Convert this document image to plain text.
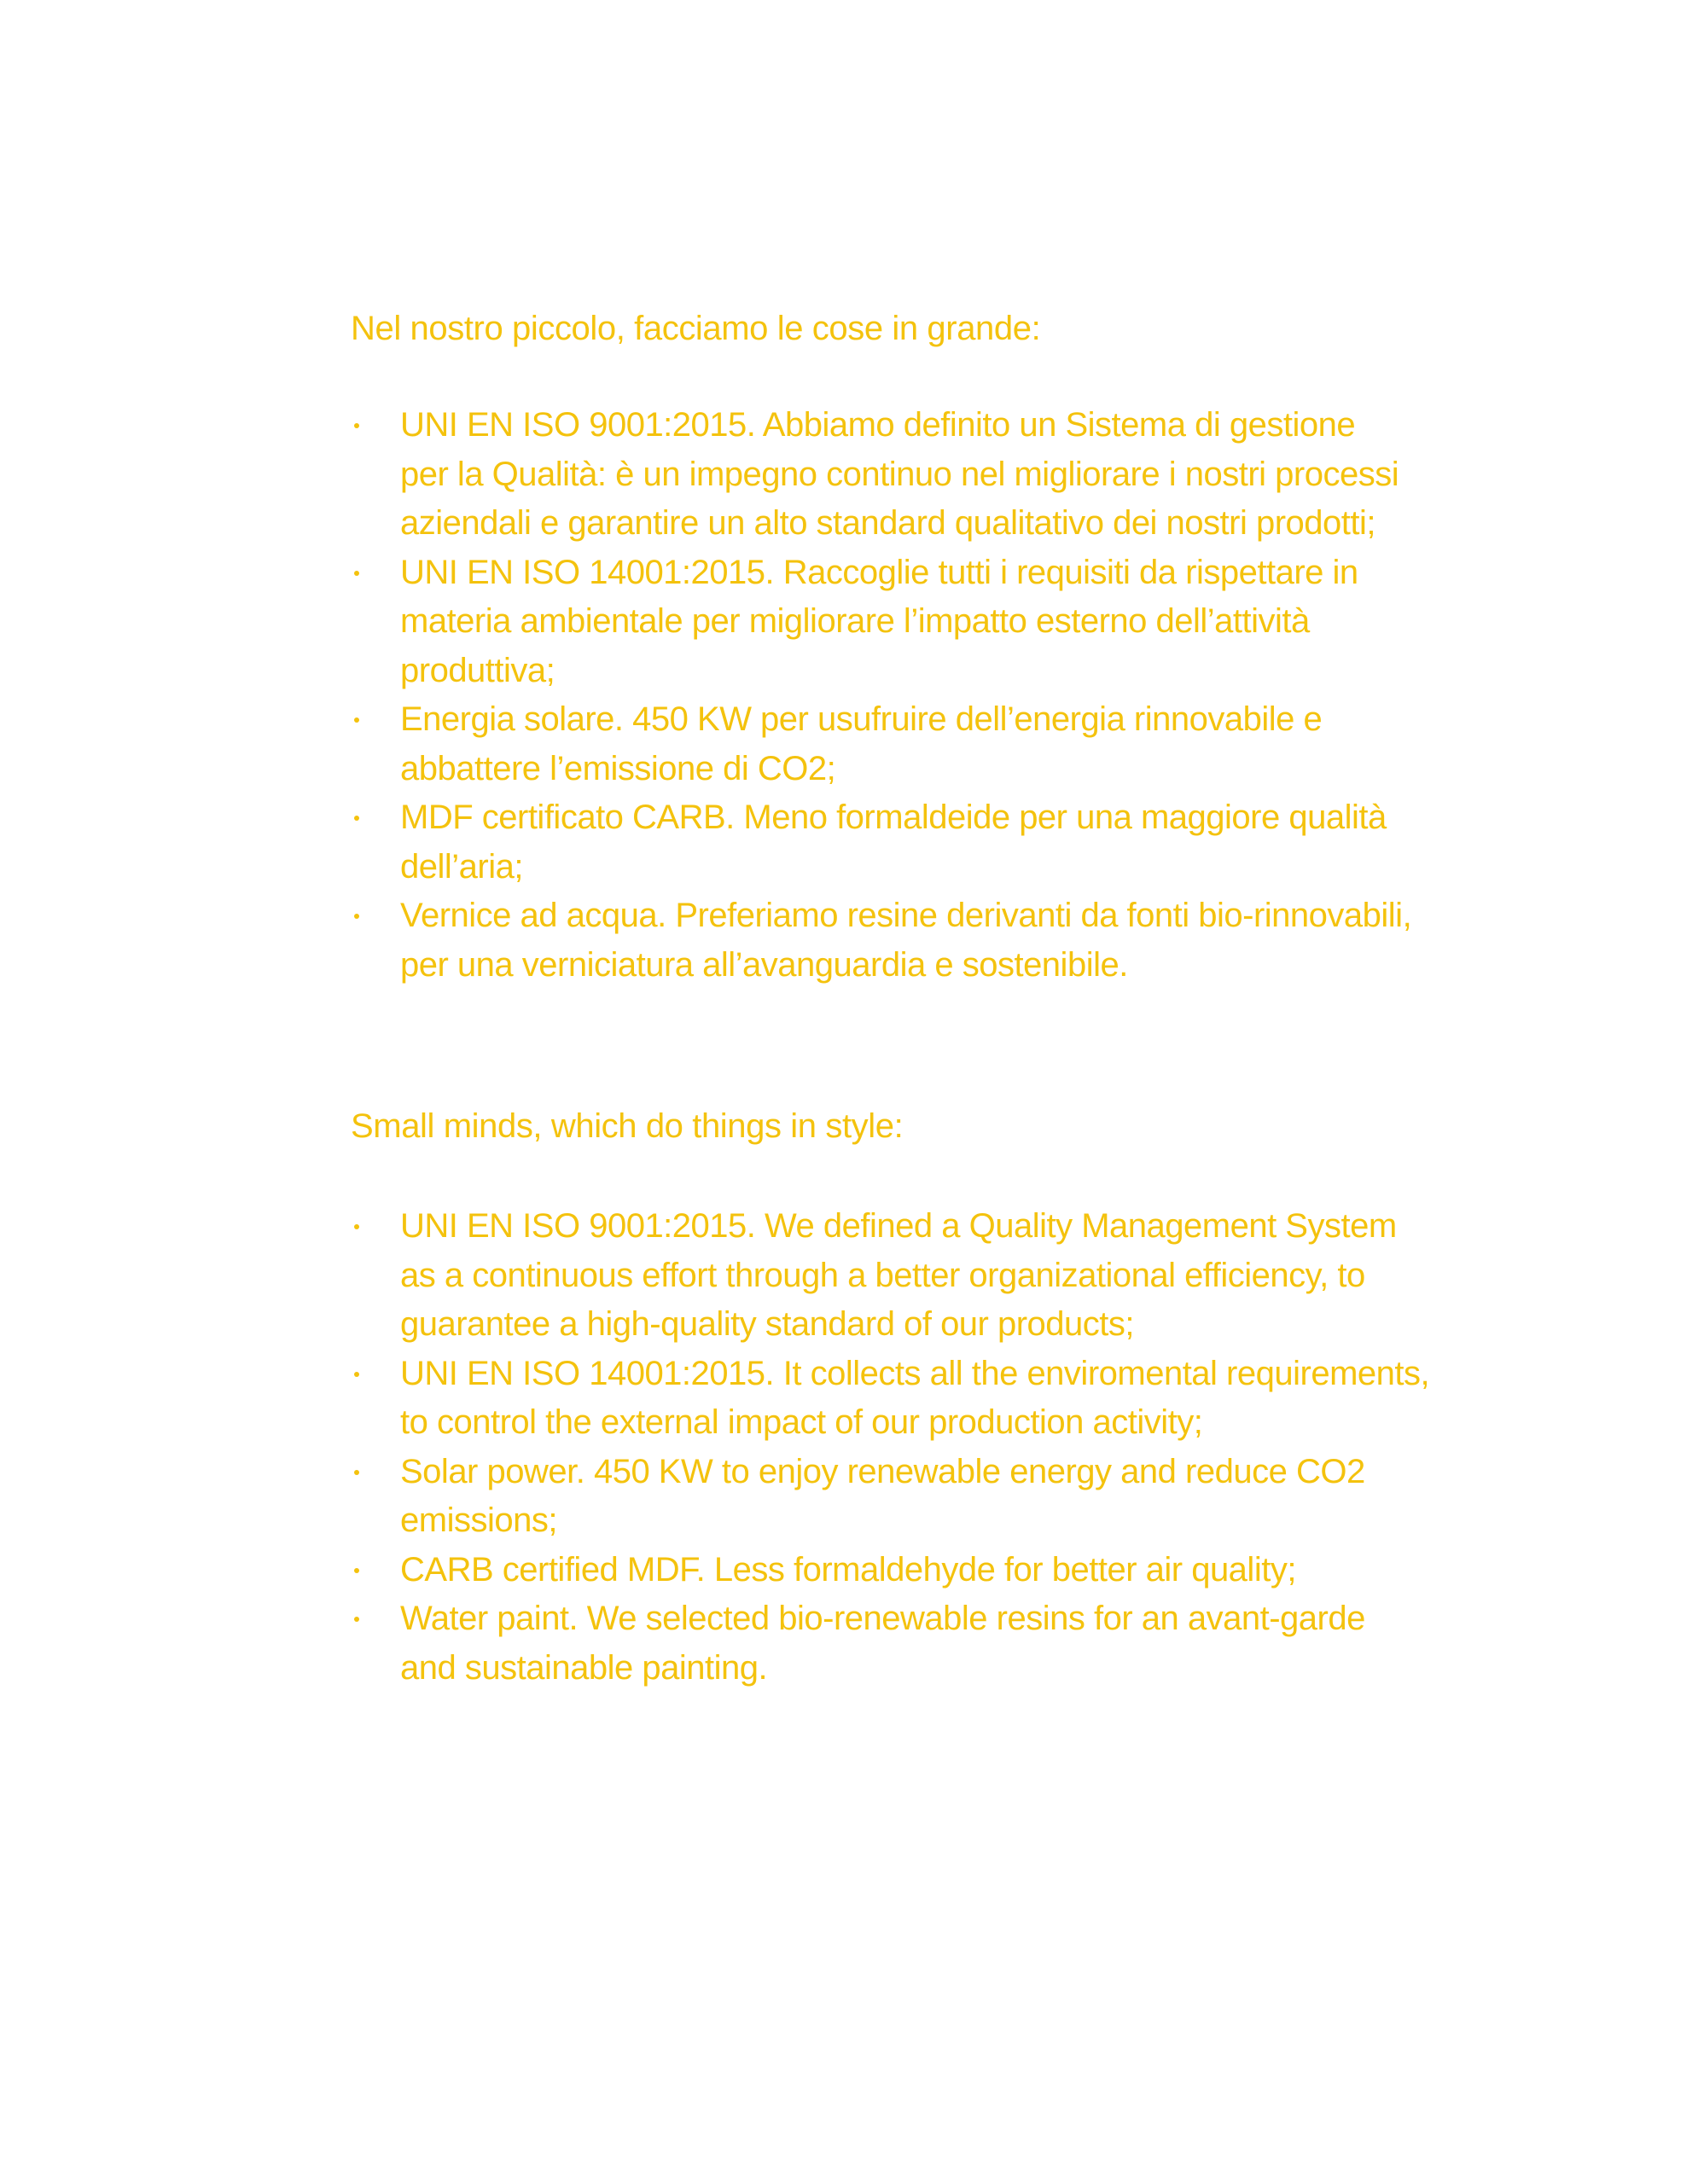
Nel nostro piccolo, facciamo le cose in grande:
UNI EN ISO 9001:2015. Abbiamo definito un Sistema di gestione
per la Qualità: è un impegno continuo nel migliorare i nostri processi
aziendali e garantire un alto standard qualitativo dei nostri prodotti;
UNI EN ISO 14001:2015. Raccoglie tutti i requisiti da rispettare in
materia ambientale per migliorare l’impatto esterno dell’attività
produttiva;
Energia solare. 450 KW per usufruire dell’energia rinnovabile e
abbattere l’emissione di CO2;
MDF certificato CARB. Meno formaldeide per una maggiore qualità
dell’aria;
Vernice ad acqua. Preferiamo resine derivanti da fonti bio-rinnovabili,
per una verniciatura all’avanguardia e sostenibile.
Small minds, which do things in style:
UNI EN ISO 9001:2015. We defined a Quality Management System
as a continuous effort through a better organizational efficiency, to
guarantee a high-quality standard of our products;
UNI EN ISO 14001:2015. It collects all the enviromental requirements,
to control the external impact of our production activity;
Solar power. 450 KW to enjoy renewable energy and reduce CO2
emissions;
CARB certified MDF. Less formaldehyde for better air quality;
Water paint. We selected bio-renewable resins for an avant-garde
and sustainable painting.
